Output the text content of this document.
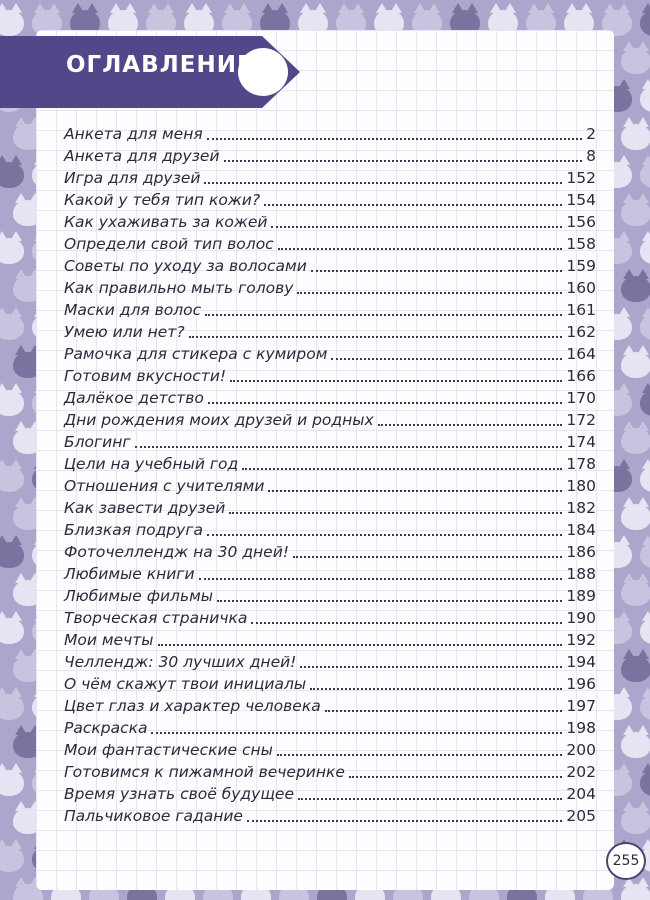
ОГЛАВЛЕНИЕ
Анкета для меня	2
Анкета для друзей	8
Игра для друзей	152
Какой у тебя тип кожи?	154
Как ухаживать за кожей	156
Определи свой тип волос	158
Советы по уходу за волосами	159
Как правильно мыть голову	160
Маски для волос	161
Умею или нет?	162
Рамочка для стикера с кумиром	164
Готовим вкусности!	166
Далёкое детство	170
Дни рождения моих друзей и родных	172
Блогинг	174
Цели на учебный год	178
Отношения с учителями	180
Как завести друзей	182
Близкая подруга	184
Фоточеллендж на 30 дней!	186
Любимые книги	188
Любимые фильмы	189
Творческая страничка	190
Мои мечты	192
Челлендж: 30 лучших дней!	194
О чём скажут твои инициалы	196
Цвет глаз и характер человека	197
Раскраска	198
Мои фантастические сны	200
Готовимся к пижамной вечеринке	202
Время узнать своё будущее	204
Пальчиковое гадание	205
255
